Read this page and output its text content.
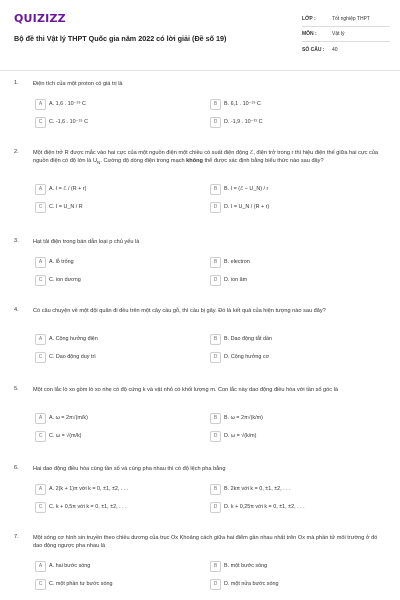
QUIZIZZ
Bộ đề thi Vật lý THPT Quốc gia năm 2022 có lời giải (Đề số 19)
LỚP :	Tốt nghiệp THPT
MÔN :	Vật lý
SỐ CÂU :	40
1.	Điện tích của một proton có giá trị là
A	A. 1,6 . 10⁻¹⁹ C	B	B. 6,1 . 10⁻¹⁹ C
C	C. -1,6 . 10⁻¹⁹ C	D	D. -1,9 . 10⁻³¹ C
2.	Một điện trở R được mắc vào hai cực của một nguồn điện một chiều có suất điện động ℰ, điện trở trong r thì hiệu điện thế giữa hai cực của nguồn điện có độ lớn là $U_N$. Cường độ dòng điện trong mạch không thể được xác định bằng biểu thức nào sau đây?
A	A. I = ℰ / (R + r)	B	B. I = (ℰ − U_N) / r
C	C. I = U_N / R	D	D. I = U_N / (R + r)
3.	Hạt tải điện trong bán dẫn loại p chủ yếu là
A	A. lỗ trống	B	B. electron
C	C. ion dương	D	D. ion âm
4.	Có câu chuyện về một đội quân đi đều trên một cây cầu gỗ, thì cầu bị gãy. Đó là kết quả của hiện tượng nào sau đây?
A	A. Cộng hưởng điện	B	B. Dao động tắt dần
C	C. Dao động duy trì	D	D. Cộng hưởng cơ
5.	Một con lắc lò xo gồm lò xo nhẹ có độ cứng k và vật nhỏ có khối lượng m. Con lắc này dao động điều hòa với tần số góc là
A	A. ω = 2π√(m/k)	B	B. ω = 2π√(k/m)
C	C. ω = √(m/k)	D	D. ω = √(k/m)
6.	Hai dao động điều hòa cùng tần số và cùng pha nhau thì có độ lệch pha bằng
A	A. 2(k + 1)π với k = 0, ±1, ±2, . . .	B	B. 2kπ với k = 0, ±1, ±2, . . .
C	C. k + 0,5π với k = 0, ±1, ±2, . . .	D	D. k + 0,25π với k = 0, ±1, ±2, . . .
7.	Một sóng cơ hình sin truyền theo chiều dương của trục Ox Khoảng cách giữa hai điểm gần nhau nhất trên Ox mà phần tử môi trường ở đó dao động ngược pha nhau là
A	A. hai bước sóng	B	B. một bước sóng
C	C. một phần tư bước sóng	D	D. một nửa bước sóng
